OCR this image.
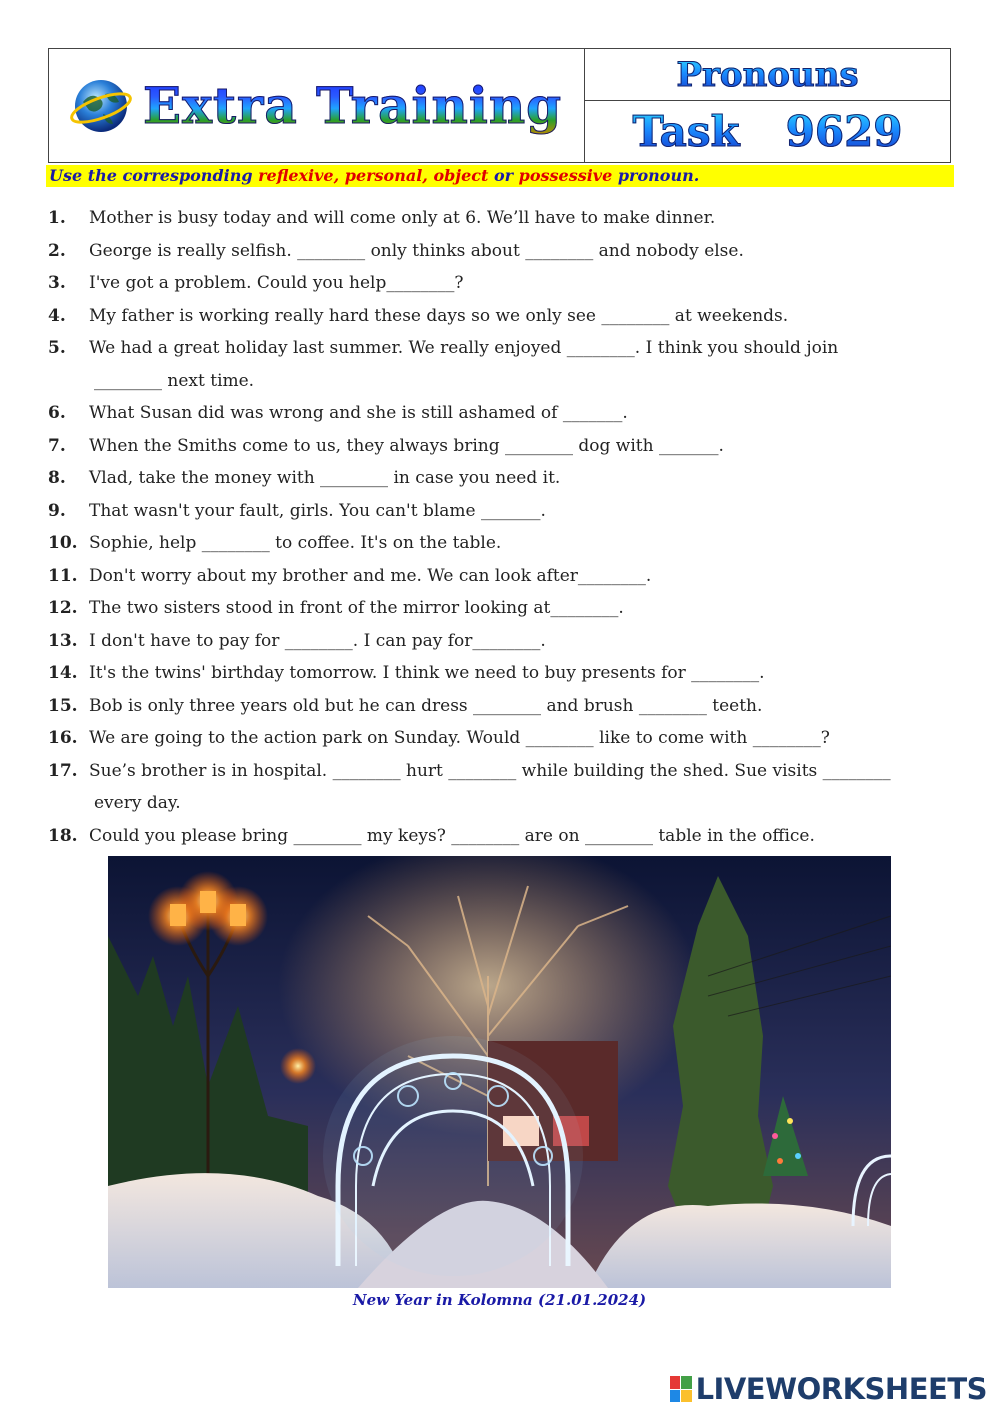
Extra Training
Pronouns
Task 9629
Use the corresponding reflexive, personal, object or possessive pronoun.
1.	Mother is busy today and will come only at 6. We’ll have to make dinner.
2.	George is really selfish. ________ only thinks about ________ and nobody else.
3.	I've got a problem. Could you help________?
4.	My father is working really hard these days so we only see ________ at weekends.
5.	We had a great holiday last summer. We really enjoyed ________. I think you should join
________ next time.
6.	What Susan did was wrong and she is still ashamed of _______.
7.	When the Smiths come to us, they always bring ________ dog with _______.
8.	Vlad, take the money with ________ in case you need it.
9.	That wasn't your fault, girls. You can't blame _______.
10. Sophie, help ________ to coffee. It's on the table.
11. Don't worry about my brother and me. We can look after________.
12. The two sisters stood in front of the mirror looking at________.
13. I don't have to pay for ________. I can pay for________.
14. It's the twins' birthday tomorrow. I think we need to buy presents for ________.
15. Bob is only three years old but he can dress ________ and brush ________ teeth.
16. We are going to the action park on Sunday. Would ________ like to come with ________?
17. Sue’s brother is in hospital. ________ hurt ________ while building the shed. Sue visits ________
every day.
18. Could you please bring ________ my keys? ________ are on ________ table in the office.
New Year in Kolomna (21.01.2024)
LIVEWORKSHEETS
